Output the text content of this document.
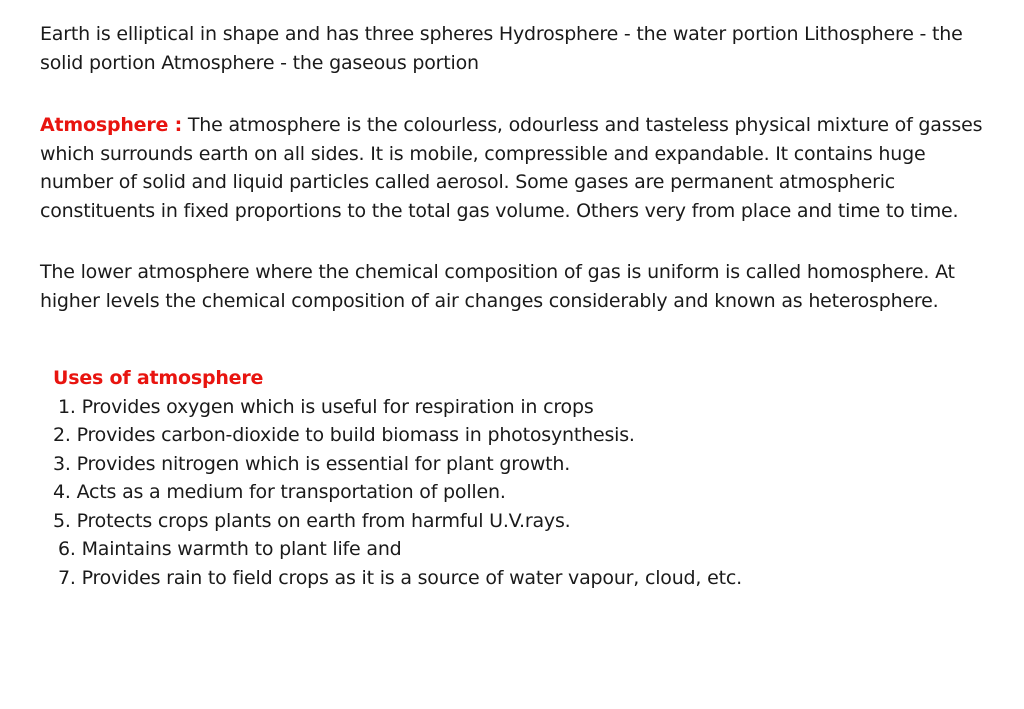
Earth is elliptical in shape and has three spheres Hydrosphere - the water portion Lithosphere - the solid portion Atmosphere - the gaseous portion

Atmosphere : The atmosphere is the colourless, odourless and tasteless physical mixture of gasses which surrounds earth on all sides. It is mobile, compressible and expandable. It contains huge number of solid and liquid particles called aerosol. Some gases are permanent atmospheric constituents in fixed proportions to the total gas volume. Others very from place and time to time.

The lower atmosphere where the chemical composition of gas is uniform is called homosphere. At higher levels the chemical composition of air changes considerably and known as heterosphere.

Uses of atmosphere
1. Provides oxygen which is useful for respiration in crops
2. Provides carbon-dioxide to build biomass in photosynthesis.
3. Provides nitrogen which is essential for plant growth.
4. Acts as a medium for transportation of pollen.
5. Protects crops plants on earth from harmful U.V.rays.
6. Maintains warmth to plant life and
7. Provides rain to field crops as it is a source of water vapour, cloud, etc.
